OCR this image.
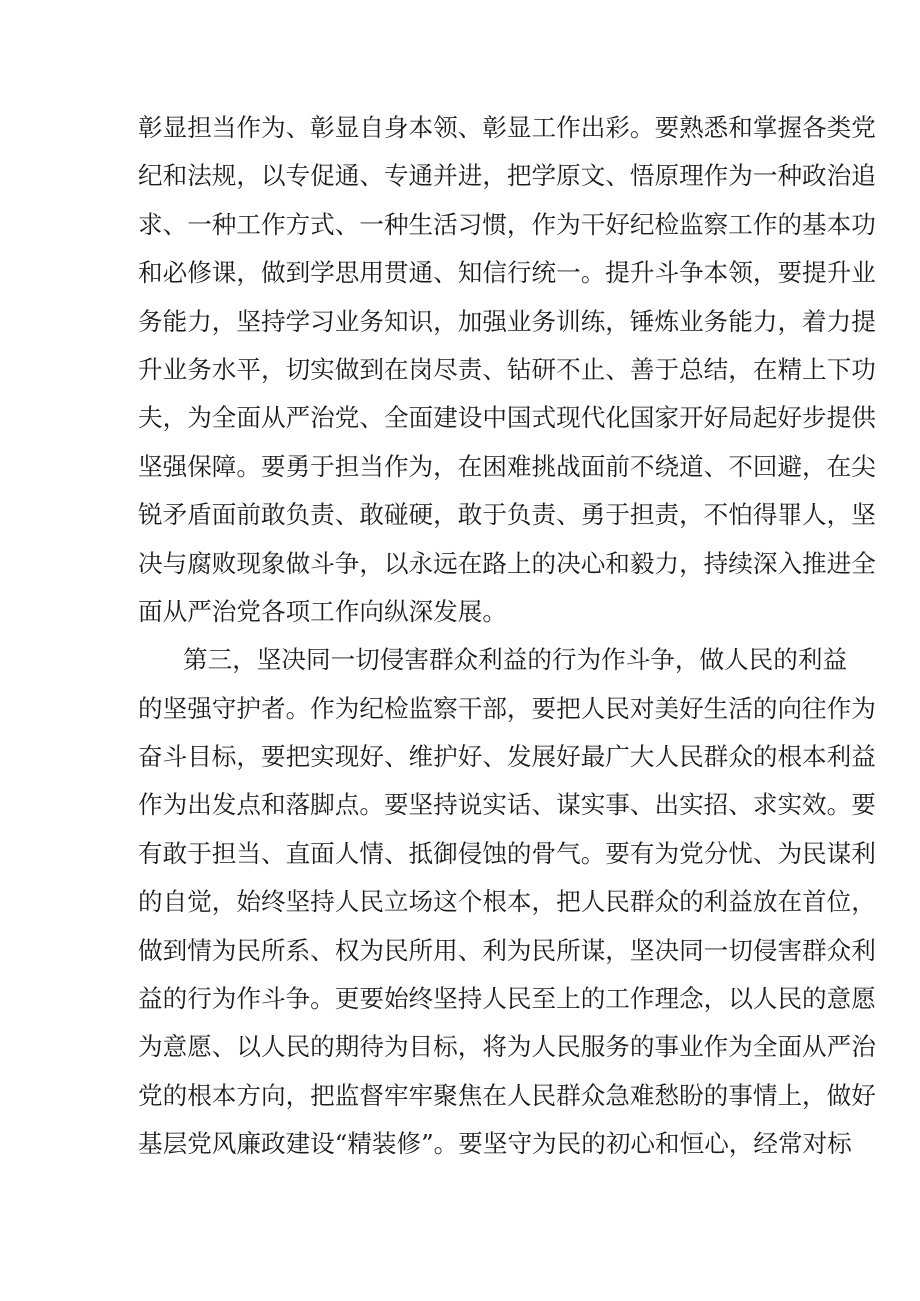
彰显担当作为、彰显自身本领、彰显工作出彩。要熟悉和掌握各类党
纪和法规，以专促通、专通并进，把学原文、悟原理作为一种政治追
求、一种工作方式、一种生活习惯，作为干好纪检监察工作的基本功
和必修课，做到学思用贯通、知信行统一。提升斗争本领，要提升业
务能力，坚持学习业务知识，加强业务训练，锤炼业务能力，着力提
升业务水平，切实做到在岗尽责、钻研不止、善于总结，在精上下功
夫，为全面从严治党、全面建设中国式现代化国家开好局起好步提供
坚强保障。要勇于担当作为，在困难挑战面前不绕道、不回避，在尖
锐矛盾面前敢负责、敢碰硬，敢于负责、勇于担责，不怕得罪人，坚
决与腐败现象做斗争，以永远在路上的决心和毅力，持续深入推进全
面从严治党各项工作向纵深发展。
第三，坚决同一切侵害群众利益的行为作斗争，做人民的利益
的坚强守护者。作为纪检监察干部，要把人民对美好生活的向往作为
奋斗目标，要把实现好、维护好、发展好最广大人民群众的根本利益
作为出发点和落脚点。要坚持说实话、谋实事、出实招、求实效。要
有敢于担当、直面人情、抵御侵蚀的骨气。要有为党分忧、为民谋利
的自觉，始终坚持人民立场这个根本，把人民群众的利益放在首位，
做到情为民所系、权为民所用、利为民所谋，坚决同一切侵害群众利
益的行为作斗争。更要始终坚持人民至上的工作理念，以人民的意愿
为意愿、以人民的期待为目标，将为人民服务的事业作为全面从严治
党的根本方向，把监督牢牢聚焦在人民群众急难愁盼的事情上，做好
基层党风廉政建设“精装修”。要坚守为民的初心和恒心，经常对标
